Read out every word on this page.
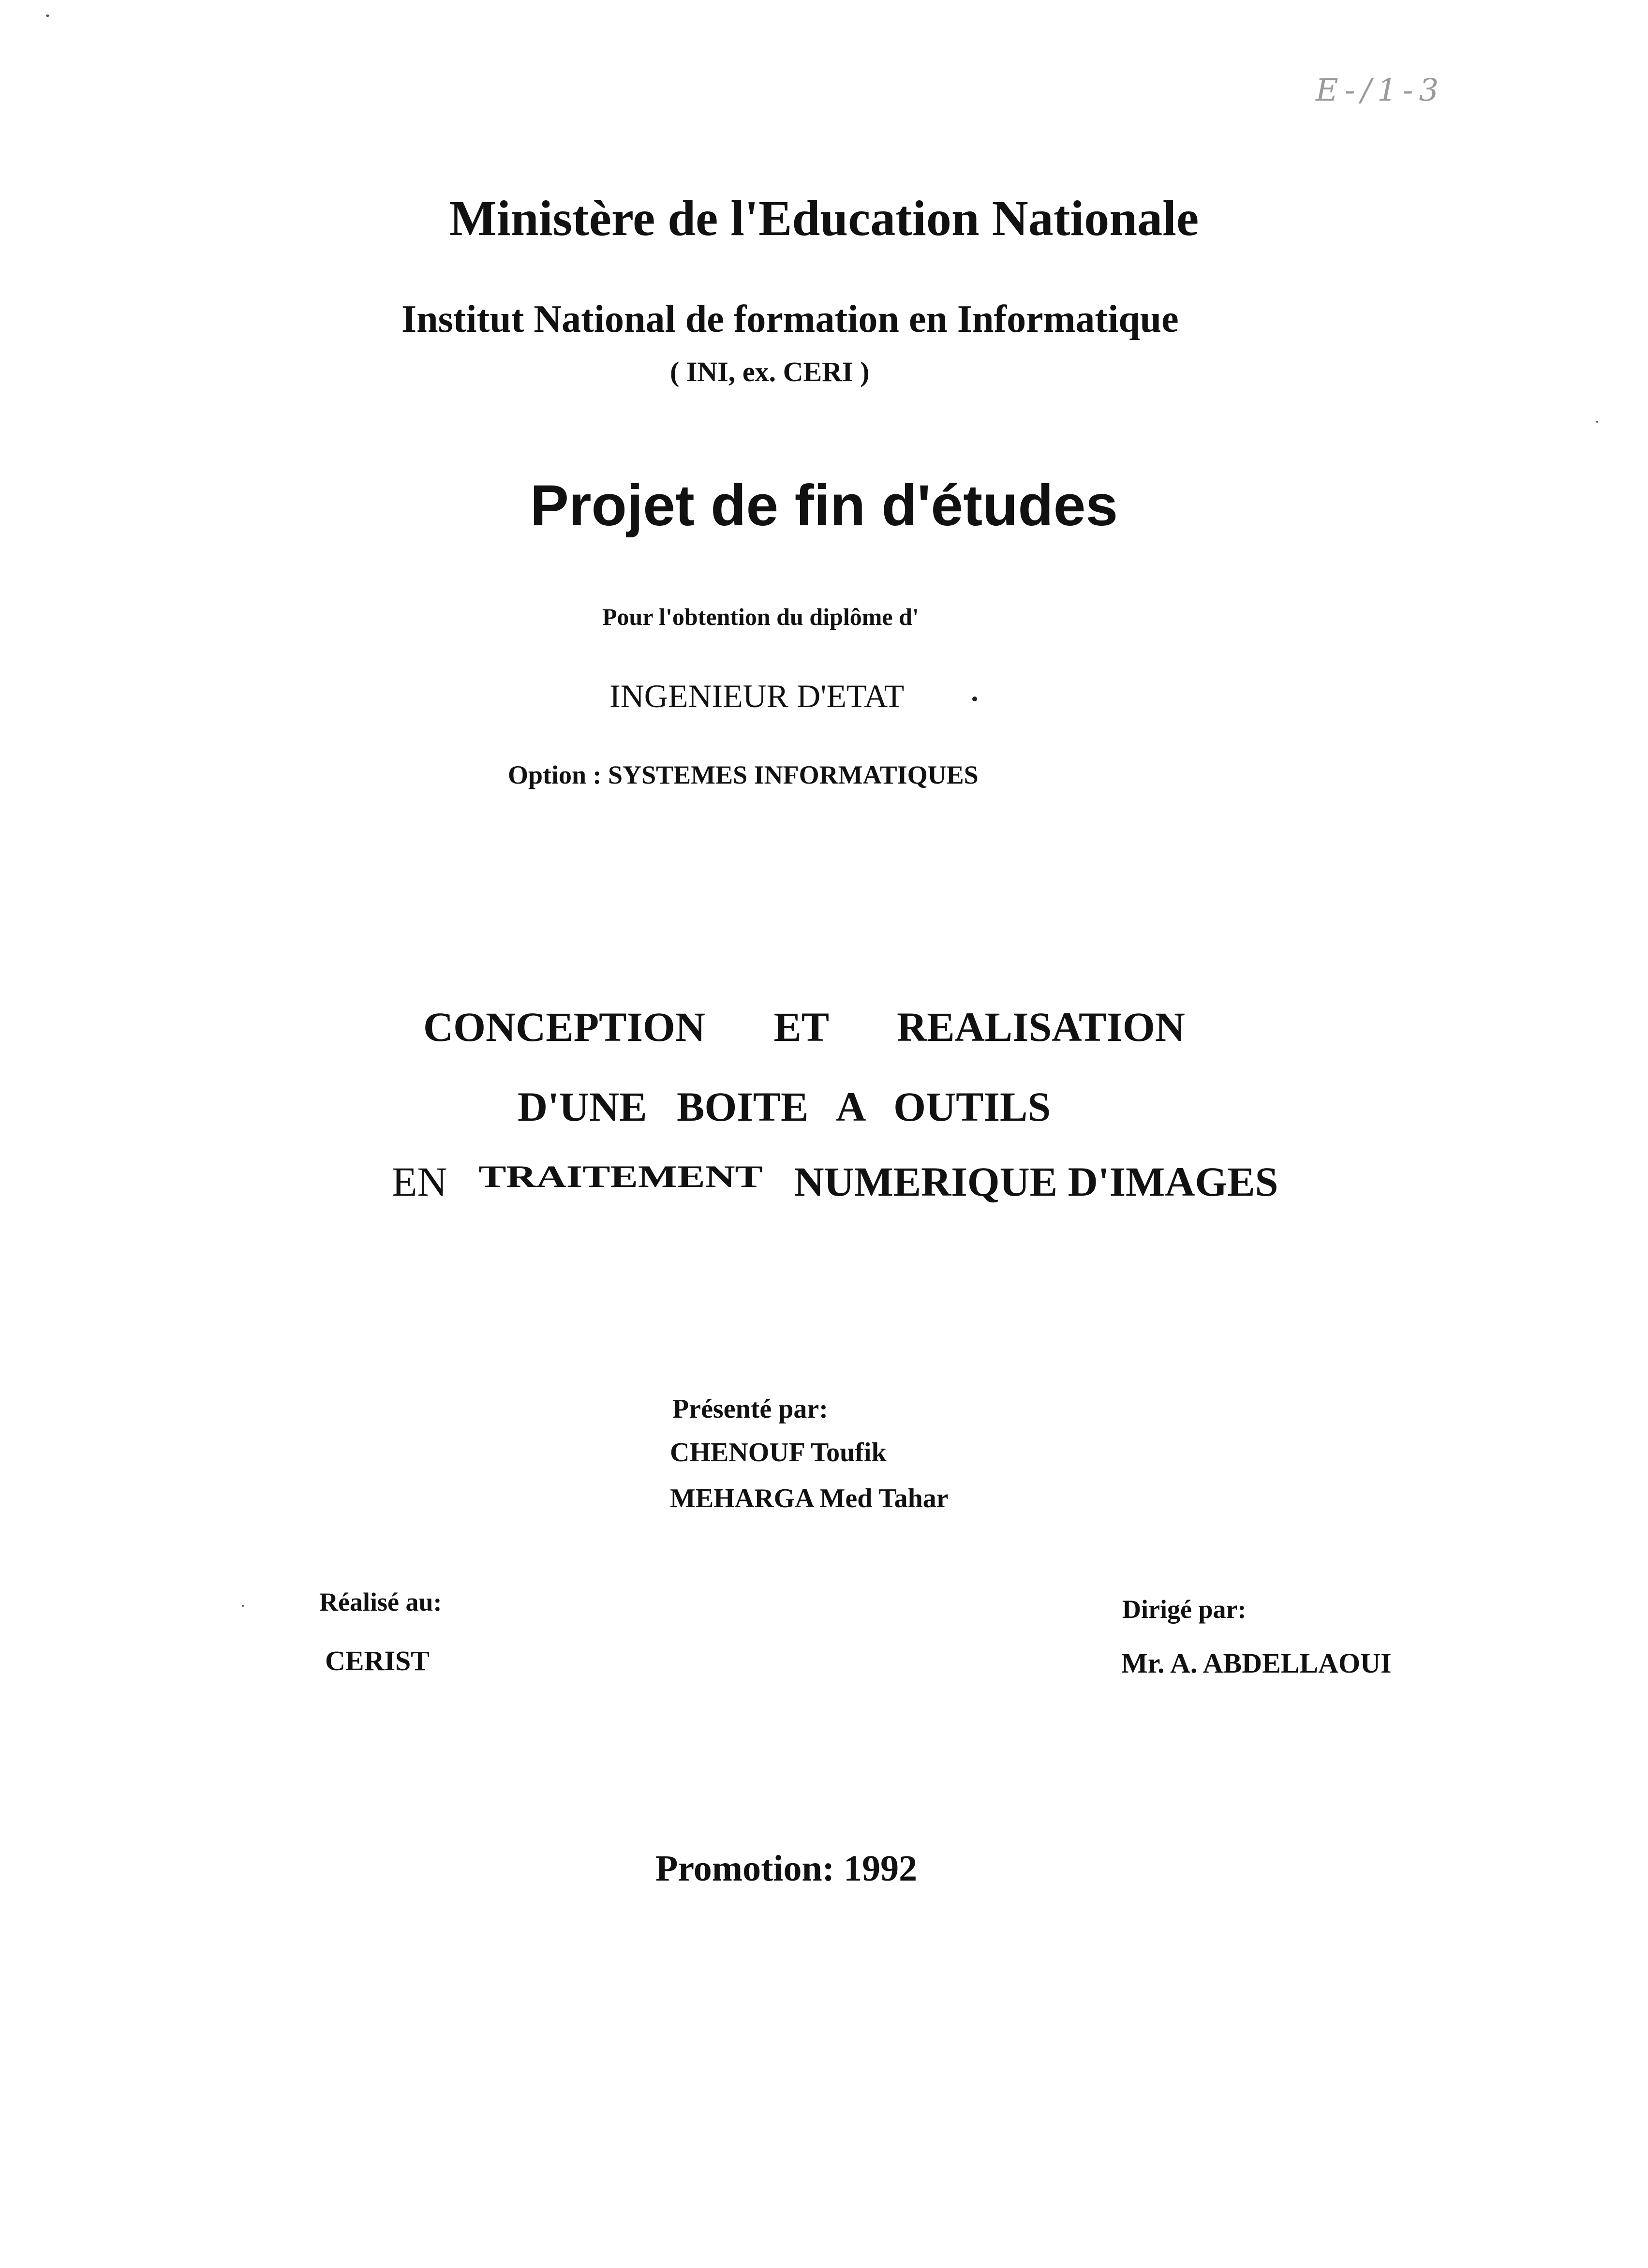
E-/1-3
Ministère de l'Education Nationale
Institut National de formation en Informatique
( INI, ex. CERI )
Projet de fin d'études
Pour l'obtention du diplôme d'
INGENIEUR D'ETAT
Option : SYSTEMES INFORMATIQUES
CONCEPTION ET REALISATION
D'UNE BOITE A OUTILS
EN TRAITEMENT NUMERIQUE D'IMAGES
Présenté par:
CHENOUF Toufik
MEHARGA Med Tahar
Réalisé au:
CERIST
Dirigé par:
Mr. A. ABDELLAOUI
Promotion: 1992
